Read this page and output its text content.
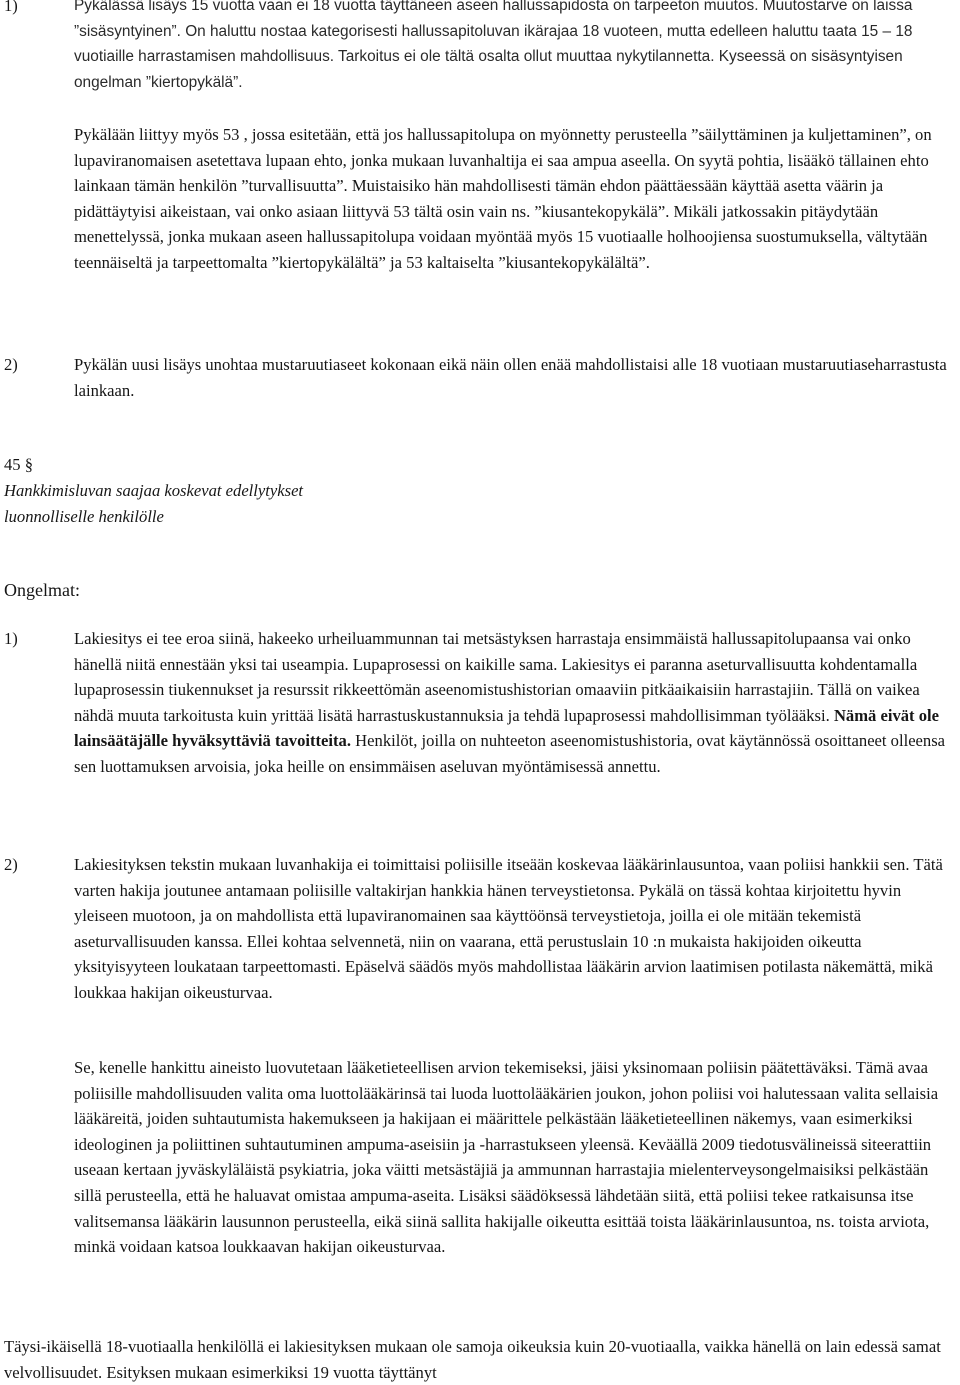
1)	Pykälässä lisäys 15 vuotta vaan ei 18 vuotta täyttäneen aseen hallussapidosta on tarpeeton muutos. Muutostarve on laissa ”sisäsyntyinen”. On haluttu nostaa kategorisesti hallussapitoluvan ikärajaa 18 vuoteen, mutta edelleen haluttu taata 15 – 18 vuotiaille harrastamisen mahdollisuus. Tarkoitus ei ole tältä osalta ollut muuttaa nykytilannetta. Kyseessä on sisäsyntyisen ongelman ”kiertopykälä”.
Pykälään liittyy myös 53 , jossa esitetään, että jos hallussapitolupa on myönnetty perusteella ”säilyttäminen ja kuljettaminen”, on lupaviranomaisen asetettava lupaan ehto, jonka mukaan luvanhaltija ei saa ampua aseella. On syytä pohtia, lisääkö tällainen ehto lainkaan tämän henkilön ”turvallisuutta”. Muistaisiko hän mahdollisesti tämän ehdon päättäessään käyttää asetta väärin ja pidättäytyisi aikeistaan, vai onko asiaan liittyvä 53 tältä osin vain ns. ”kiusantekopykälä”. Mikäli jatkossakin pitäydytään menettelyssä, jonka mukaan aseen hallussapitolupa voidaan myöntää myös 15 vuotiaalle holhoojiensa suostumuksella, vältytään teennäiseltä ja tarpeettomalta ”kiertopykälältä” ja 53 kaltaiselta ”kiusantekopykälältä”.
2)	Pykälän uusi lisäys unohtaa mustaruutiaseet kokonaan eikä näin ollen enää mahdollistaisi alle 18 vuotiaan mustaruutiaseharrastusta lainkaan.
45 §
Hankkimisluvan saajaa koskevat edellytykset
luonnolliselle henkilölle
Ongelmat:
1)	Lakiesitys ei tee eroa siinä, hakeeko urheiluammunnan tai metsästyksen harrastaja ensimmäistä hallussapitolupaansa vai onko hänellä niitä ennestään yksi tai useampia. Lupaprosessi on kaikille sama. Lakiesitys ei paranna aseturvallisuutta kohdentamalla lupaprosessin tiukennukset ja resurssit rikkeettömän aseenomistushistorian omaaviin pitkäaikaisiin harrastajiin. Tällä on vaikea nähdä muuta tarkoitusta kuin yrittää lisätä harrastuskustannuksia ja tehdä lupaprosessi mahdollisimman työlääksi. Nämä eivät ole lainsäätäjälle hyväksyttäviä tavoitteita. Henkilöt, joilla on nuhteeton aseenomistushistoria, ovat käytännössä osoittaneet olleensa sen luottamuksen arvoisia, joka heille on ensimmäisen aseluvan myöntämisessä annettu.
2)	Lakiesityksen tekstin mukaan luvanhakija ei toimittaisi poliisille itseään koskevaa lääkärinlausuntoa, vaan poliisi hankkii sen. Tätä varten hakija joutunee antamaan poliisille valtakirjan hankkia hänen terveystietonsa. Pykälä on tässä kohtaa kirjoitettu hyvin yleiseen muotoon, ja on mahdollista että lupaviranomainen saa käyttöönsä terveystietoja, joilla ei ole mitään tekemistä aseturvallisuuden kanssa. Ellei kohtaa selvennetä, niin on vaarana, että perustuslain 10 :n mukaista hakijoiden oikeutta yksityisyyteen loukataan tarpeettomasti. Epäselvä säädös myös mahdollistaa lääkärin arvion laatimisen potilasta näkemättä, mikä loukkaa hakijan oikeusturvaa.
Se, kenelle hankittu aineisto luovutetaan lääketieteellisen arvion tekemiseksi, jäisi yksinomaan poliisin päätettäväksi. Tämä avaa poliisille mahdollisuuden valita oma luottolääkärinsä tai luoda luottolääkärien joukon, johon poliisi voi halutessaan valita sellaisia lääkäreitä, joiden suhtautumista hakemukseen ja hakijaan ei määrittele pelkästään lääketieteellinen näkemys, vaan esimerkiksi ideologinen ja poliittinen suhtautuminen ampuma-aseisiin ja -harrastukseen yleensä. Keväällä 2009 tiedotusvälineissä siteerattiin useaan kertaan jyväskyläläistä psykiatria, joka väitti metsästäjiä ja ammunnan harrastajia mielenterveysongelmaisiksi pelkästään sillä perusteella, että he haluavat omistaa ampuma-aseita. Lisäksi säädöksessä lähdetään siitä, että poliisi tekee ratkaisunsa itse valitsemansa lääkärin lausunnon perusteella, eikä siinä sallita hakijalle oikeutta esittää toista lääkärinlausuntoa, ns. toista arviota, minkä voidaan katsoa loukkaavan hakijan oikeusturvaa.
Täysi-ikäisellä 18-vuotiaalla henkilöllä ei lakiesityksen mukaan ole samoja oikeuksia kuin 20-vuotiaalla, vaikka hänellä on lain edessä samat velvollisuudet. Esityksen mukaan esimerkiksi 19 vuotta täyttänyt
